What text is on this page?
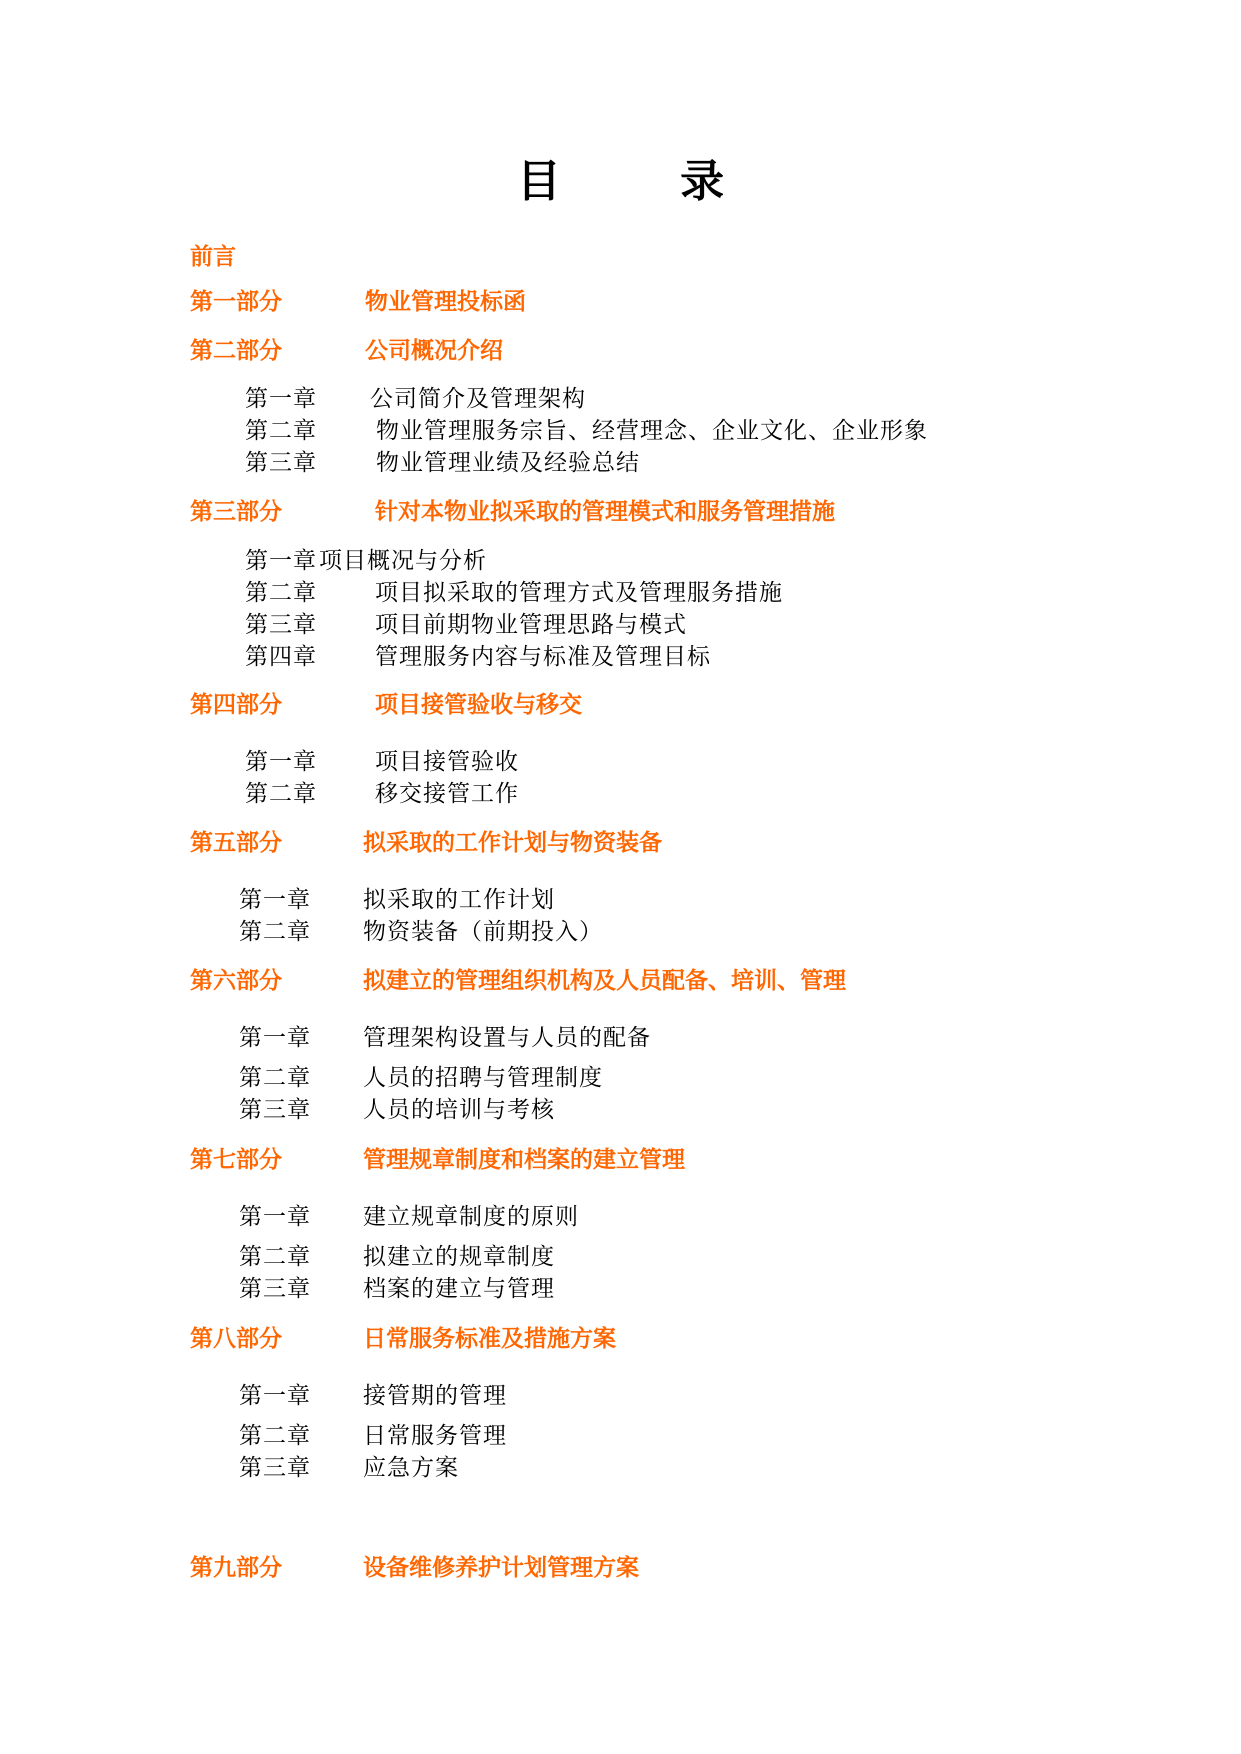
目 录
前言
第一部分	物业管理投标函
第二部分	公司概况介绍
第一章 公司简介及管理架构
第二章	物业管理服务宗旨、经营理念、企业文化、企业形象
第三章	物业管理业绩及经验总结
第三部分	针对本物业拟采取的管理模式和服务管理措施
第一章 项目概况与分析
第二章	项目拟采取的管理方式及管理服务措施
第三章	项目前期物业管理思路与模式
第四章	管理服务内容与标准及管理目标
第四部分	项目接管验收与移交
第一章	项目接管验收
第二章	移交接管工作
第五部分	拟采取的工作计划与物资装备
第一章 拟采取的工作计划
第二章 物资装备（前期投入）
第六部分	拟建立的管理组织机构及人员配备、培训、管理
第一章 管理架构设置与人员的配备
第二章 人员的招聘与管理制度
第三章 人员的培训与考核
第七部分	管理规章制度和档案的建立管理
第一章 建立规章制度的原则
第二章 拟建立的规章制度
第三章 档案的建立与管理
第八部分	日常服务标准及措施方案
第一章 接管期的管理
第二章 日常服务管理
第三章 应急方案
第九部分	设备维修养护计划管理方案
